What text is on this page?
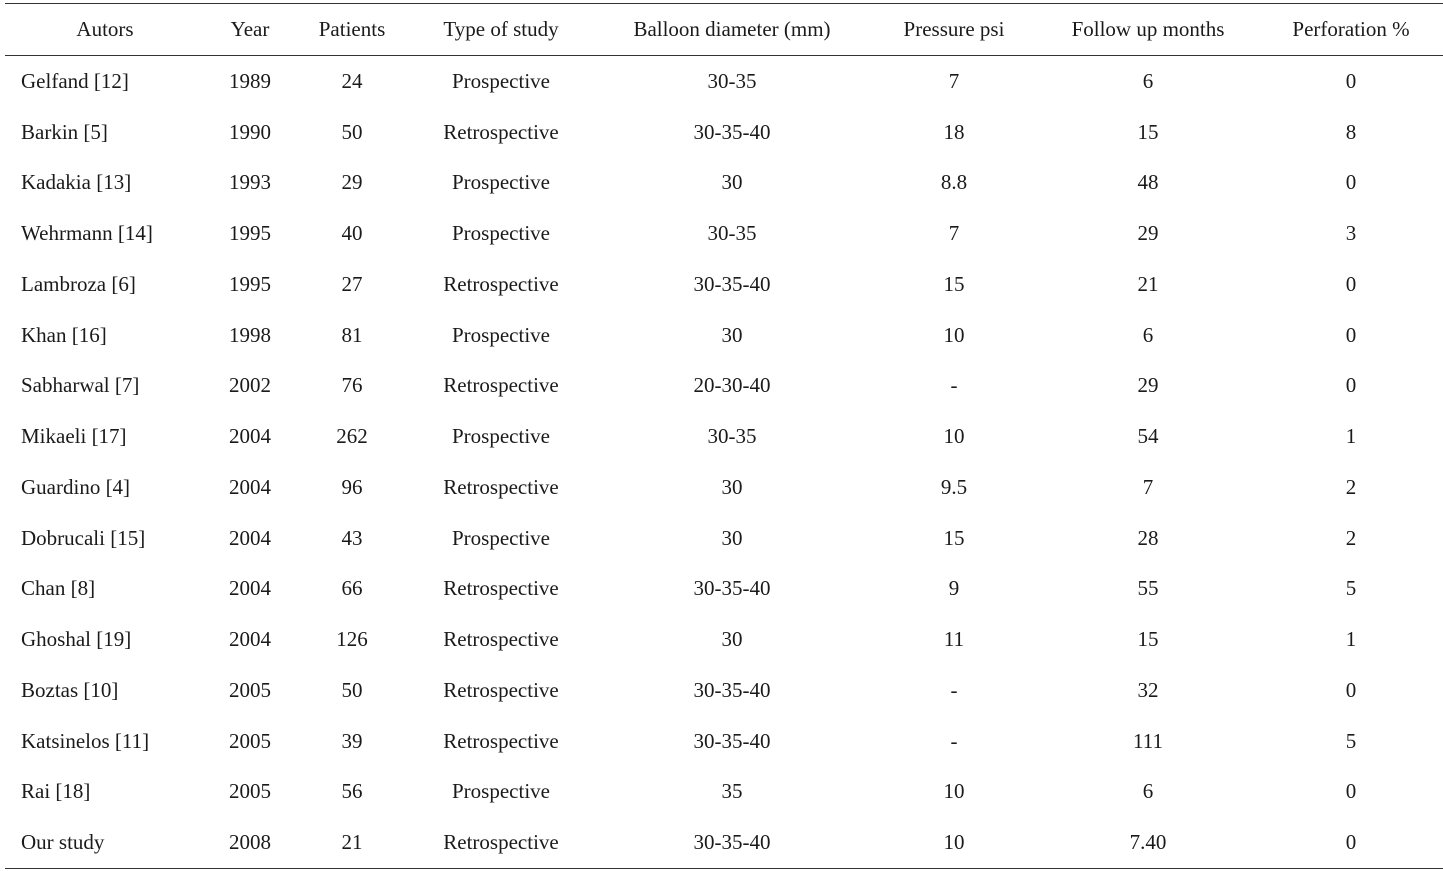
Autors	Year	Patients	Type of study	Balloon diameter (mm)	Pressure psi	Follow up months	Perforation %
Gelfand [12]	1989	24	Prospective	30-35	7	6	0
Barkin [5]	1990	50	Retrospective	30-35-40	18	15	8
Kadakia [13]	1993	29	Prospective	30	8.8	48	0
Wehrmann [14]	1995	40	Prospective	30-35	7	29	3
Lambroza [6]	1995	27	Retrospective	30-35-40	15	21	0
Khan [16]	1998	81	Prospective	30	10	6	0
Sabharwal [7]	2002	76	Retrospective	20-30-40	-	29	0
Mikaeli [17]	2004	262	Prospective	30-35	10	54	1
Guardino [4]	2004	96	Retrospective	30	9.5	7	2
Dobrucali [15]	2004	43	Prospective	30	15	28	2
Chan [8]	2004	66	Retrospective	30-35-40	9	55	5
Ghoshal [19]	2004	126	Retrospective	30	11	15	1
Boztas [10]	2005	50	Retrospective	30-35-40	-	32	0
Katsinelos [11]	2005	39	Retrospective	30-35-40	-	111	5
Rai [18]	2005	56	Prospective	35	10	6	0
Our study	2008	21	Retrospective	30-35-40	10	7.40	0
